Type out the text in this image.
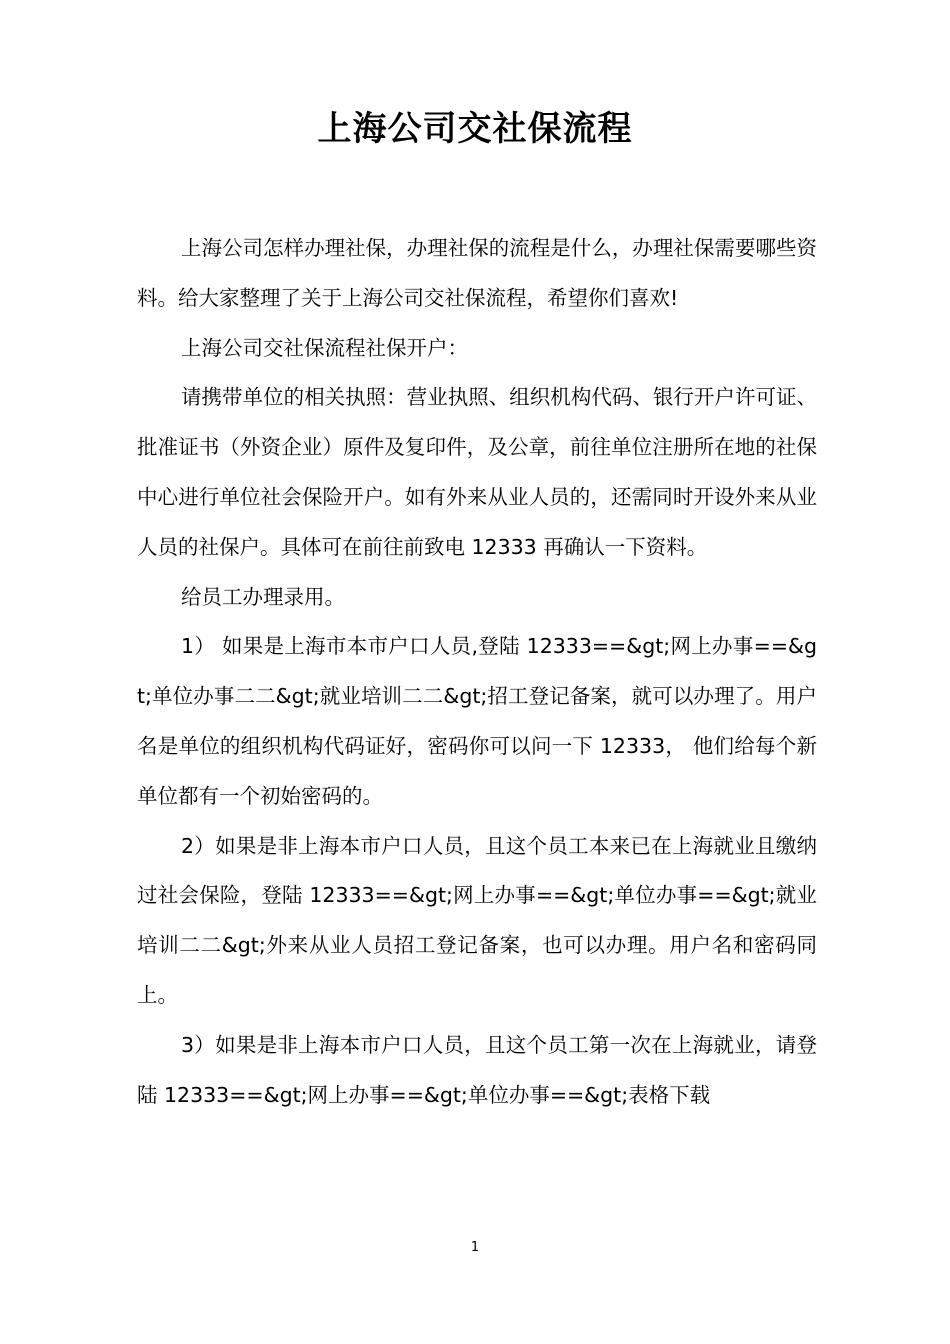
上海公司交社保流程

上海公司怎样办理社保，办理社保的流程是什么，办理社保需要哪些资料。给大家整理了关于上海公司交社保流程，希望你们喜欢!

上海公司交社保流程社保开户：

请携带单位的相关执照：营业执照、组织机构代码、银行开户许可证、批准证书（外资企业）原件及复印件，及公章，前往单位注册所在地的社保中心进行单位社会保险开户。如有外来从业人员的，还需同时开设外来从业人员的社保户。具体可在前往前致电 12333 再确认一下资料。

给员工办理录用。

1） 如果是上海市本市户口人员,登陆 12333==&gt;网上办事==&gt;单位办事二二&gt;就业培训二二&gt;招工登记备案，就可以办理了。用户名是单位的组织机构代码证好，密码你可以问一下 12333， 他们给每个新单位都有一个初始密码的。

2）如果是非上海本市户口人员，且这个员工本来已在上海就业且缴纳过社会保险，登陆 12333==&gt;网上办事==&gt;单位办事==&gt;就业培训二二&gt;外来从业人员招工登记备案，也可以办理。用户名和密码同上。

3）如果是非上海本市户口人员，且这个员工第一次在上海就业，请登陆 12333==&gt;网上办事==&gt;单位办事==&gt;表格下载

1
